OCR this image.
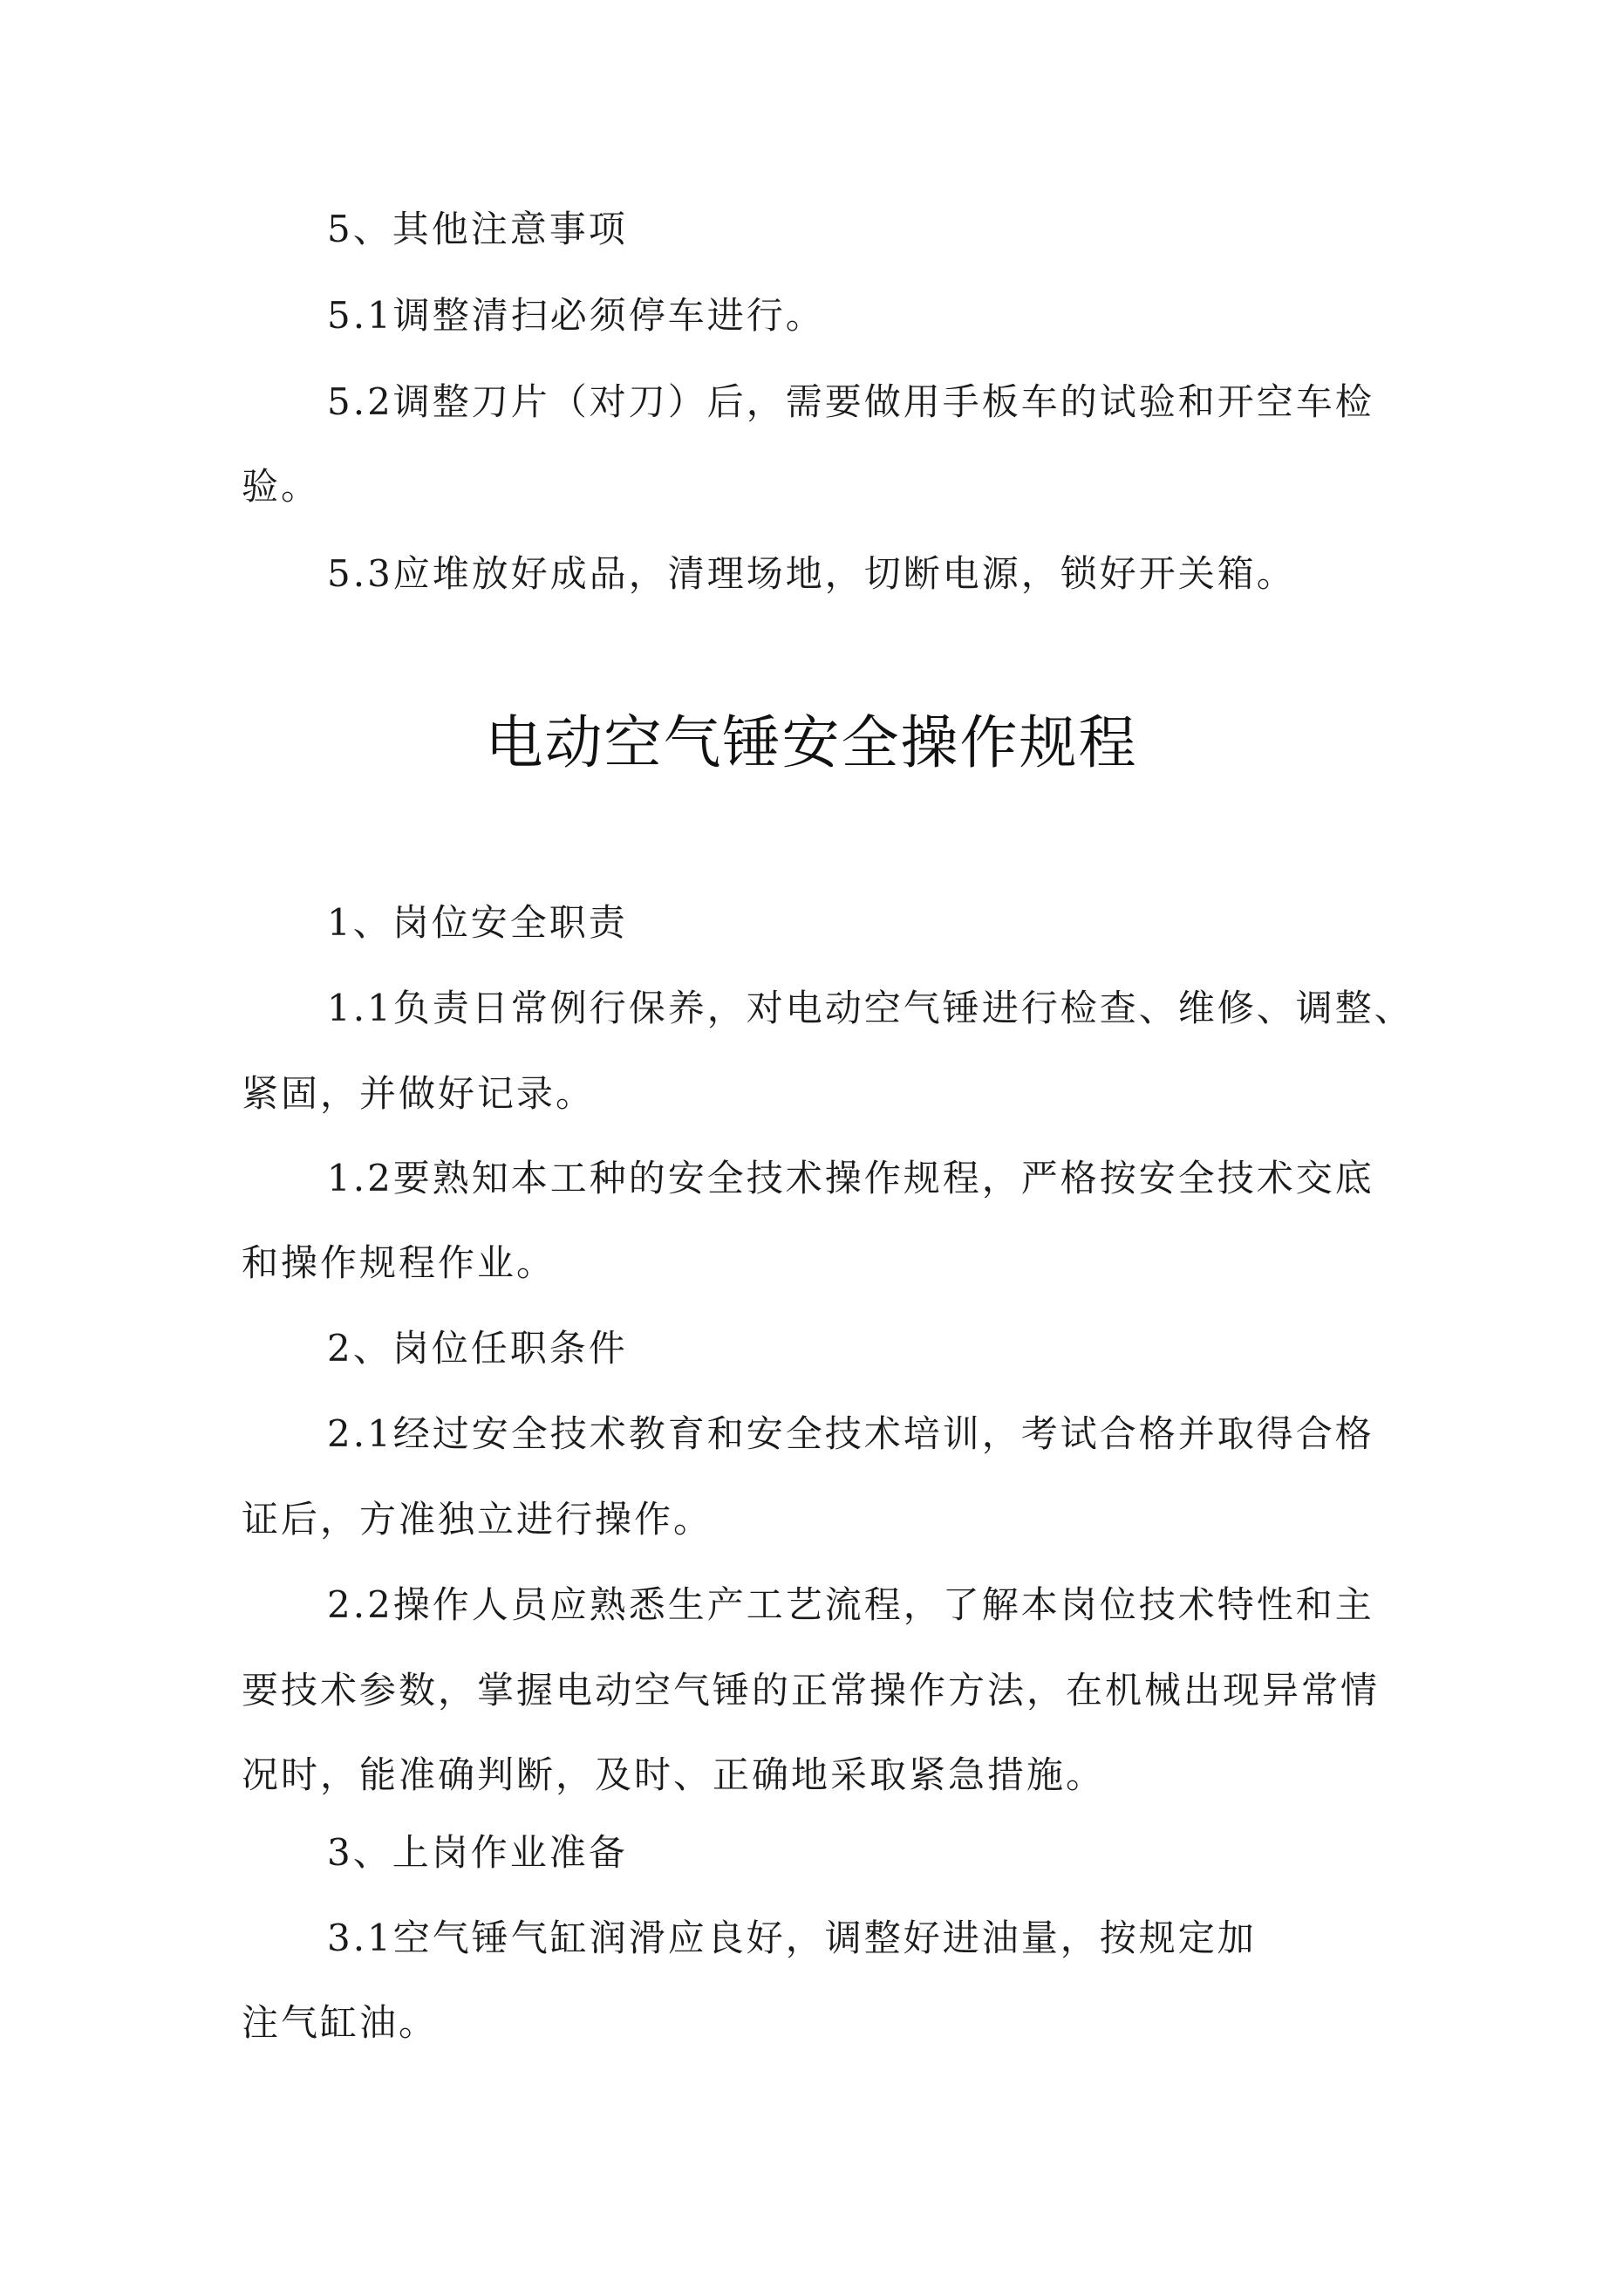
5、其他注意事项
5.1调整清扫必须停车进行。
5.2调整刀片（对刀）后，需要做用手板车的试验和开空车检
验。
5.3应堆放好成品，清理场地，切断电源，锁好开关箱。
电动空气锤安全操作规程
1、岗位安全职责
1.1负责日常例行保养，对电动空气锤进行检查、维修、调整、
紧固，并做好记录。
1.2要熟知本工种的安全技术操作规程，严格按安全技术交底
和操作规程作业。
2、岗位任职条件
2.1经过安全技术教育和安全技术培训，考试合格并取得合格
证后，方准独立进行操作。
2.2操作人员应熟悉生产工艺流程，了解本岗位技术特性和主
要技术参数，掌握电动空气锤的正常操作方法，在机械出现异常情
况时，能准确判断，及时、正确地采取紧急措施。
3、上岗作业准备
3.1空气锤气缸润滑应良好，调整好进油量，按规定加
注气缸油。
